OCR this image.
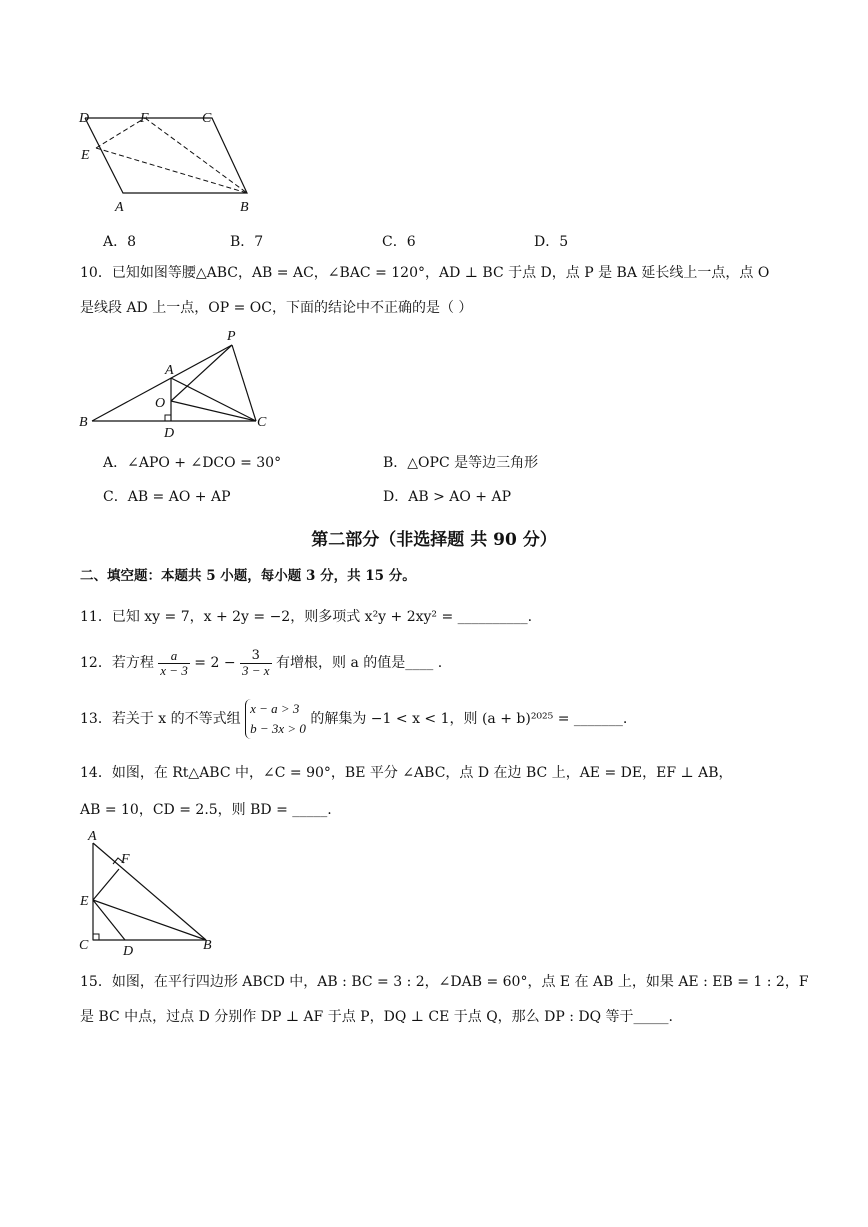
D	F	C
E
A	B
A．8	B．7	C．6	D．5
10．已知如图等腰△ABC，AB = AC，∠BAC = 120°，AD ⊥ BC 于点 D，点 P 是 BA 延长线上一点，点 O
是线段 AD 上一点，OP = OC，下面的结论中不正确的是（ ）
P
A
O
B
D
C
A．∠APO + ∠DCO = 30°	B．△OPC 是等边三角形
C．AB = AO + AP	D．AB > AO + AP
第二部分（非选择题 共 90 分）
二、填空题：本题共 5 小题，每小题 3 分，共 15 分。
11．已知 xy = 7，x + 2y = −2，则多项式 x²y + 2xy² = __________.
12．若方程 $\frac{a}{x - 3} = 2 - \frac{3}{3 - x}$ 有增根，则 a 的值是____ .
13．若关于 x 的不等式组
x − a > 3
b − 3x > 0
的解集为 −1 < x < 1，则 (a + b)²⁰²⁵ = _______.
14．如图，在 Rt△ABC 中，∠C = 90°，BE 平分 ∠ABC，点 D 在边 BC 上，AE = DE，EF ⊥ AB，
AB = 10，CD = 2.5，则 BD = _____.
A
F
E
C D	B
15．如图，在平行四边形 ABCD 中，AB : BC = 3 : 2，∠DAB = 60°，点 E 在 AB 上，如果 AE : EB = 1 : 2，F
是 BC 中点，过点 D 分别作 DP ⊥ AF 于点 P，DQ ⊥ CE 于点 Q，那么 DP : DQ 等于_____.
